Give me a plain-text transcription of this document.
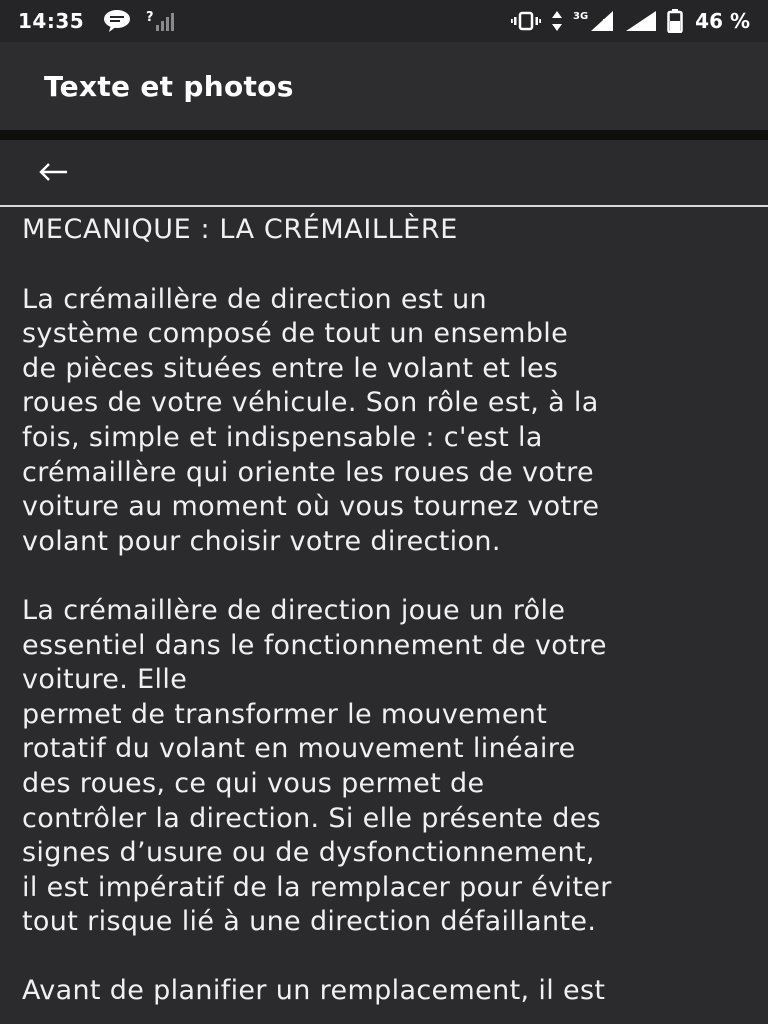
14:35	?	3G	46 %
Texte et photos
MECANIQUE : LA CRÉMAILLÈRE

La crémaillère de direction est un
système composé de tout un ensemble
de pièces situées entre le volant et les
roues de votre véhicule. Son rôle est, à la
fois, simple et indispensable : c'est la
crémaillère qui oriente les roues de votre
voiture au moment où vous tournez votre
volant pour choisir votre direction.

La crémaillère de direction joue un rôle
essentiel dans le fonctionnement de votre
voiture. Elle
permet de transformer le mouvement
rotatif du volant en mouvement linéaire
des roues, ce qui vous permet de
contrôler la direction. Si elle présente des
signes d’usure ou de dysfonctionnement,
il est impératif de la remplacer pour éviter
tout risque lié à une direction défaillante.

Avant de planifier un remplacement, il est
